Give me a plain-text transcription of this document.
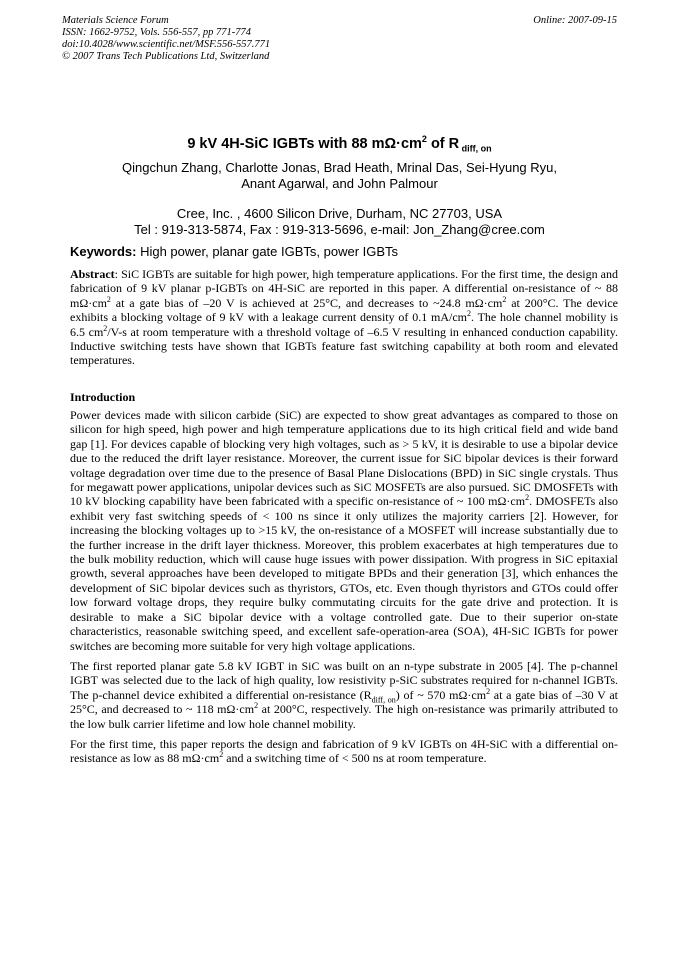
Materials Science Forum
ISSN: 1662-9752, Vols. 556-557, pp 771-774
doi:10.4028/www.scientific.net/MSF.556-557.771
© 2007 Trans Tech Publications Ltd, Switzerland
Online: 2007-09-15
9 kV 4H-SiC IGBTs with 88 $m\Omega\cdot cm^2$ of R $_{diff, on}$
Qingchun Zhang, Charlotte Jonas, Brad Heath, Mrinal Das, Sei-Hyung Ryu,
Anant Agarwal, and John Palmour
Cree, Inc. , 4600 Silicon Drive, Durham, NC 27703, USA
Tel : 919-313-5874, Fax : 919-313-5696, e-mail: Jon_Zhang@cree.com
Keywords: High power, planar gate IGBTs, power IGBTs

Abstract: SiC IGBTs are suitable for high power, high temperature applications. For the first time, the design and fabrication of 9 kV planar p-IGBTs on 4H-SiC are reported in this paper. A differential on-resistance of ~ 88 $m\Omega\cdot cm^2$ at a gate bias of –20 V is achieved at 25°C, and decreases to ~24.8 $m\Omega\cdot cm^2$ at 200°C. The device exhibits a blocking voltage of 9 kV with a leakage current density of 0.1 $mA/cm^2$. The hole channel mobility is 6.5 $cm^2/V-s$ at room temperature with a threshold voltage of –6.5 V resulting in enhanced conduction capability. Inductive switching tests have shown that IGBTs feature fast switching capability at both room and elevated temperatures.

Introduction

Power devices made with silicon carbide (SiC) are expected to show great advantages as compared to those on silicon for high speed, high power and high temperature applications due to its high critical field and wide band gap [1]. For devices capable of blocking very high voltages, such as > 5 kV, it is desirable to use a bipolar device due to the reduced the drift layer resistance. Moreover, the current issue for SiC bipolar devices is their forward voltage degradation over time due to the presence of Basal Plane Dislocations (BPD) in SiC single crystals. Thus for megawatt power applications, unipolar devices such as SiC MOSFETs are also pursued. SiC DMOSFETs with 10 kV blocking capability have been fabricated with a specific on-resistance of ~ 100 $m\Omega\cdot cm^2$. DMOSFETs also exhibit very fast switching speeds of < 100 ns since it only utilizes the majority carriers [2]. However, for increasing the blocking voltages up to >15 kV, the on-resistance of a MOSFET will increase substantially due to the further increase in the drift layer thickness. Moreover, this problem exacerbates at high temperatures due to the bulk mobility reduction, which will cause huge issues with power dissipation. With progress in SiC epitaxial growth, several approaches have been developed to mitigate BPDs and their generation [3], which enhances the development of SiC bipolar devices such as thyristors, GTOs, etc. Even though thyristors and GTOs could offer low forward voltage drops, they require bulky commutating circuits for the gate drive and protection. It is desirable to make a SiC bipolar device with a voltage controlled gate. Due to their superior on-state characteristics, reasonable switching speed, and excellent safe-operation-area (SOA), 4H-SiC IGBTs for power switches are becoming more suitable for very high voltage applications.

The first reported planar gate 5.8 kV IGBT in SiC was built on an n-type substrate in 2005 [4]. The p-channel IGBT was selected due to the lack of high quality, low resistivity p-SiC substrates required for n-channel IGBTs. The p-channel device exhibited a differential on-resistance $(R_{diff, on})$ of ~ 570 $m\Omega\cdot cm^2$ at a gate bias of –30 V at 25°C, and decreased to ~ 118 $m\Omega\cdot cm^2$ at 200°C, respectively. The high on-resistance was primarily attributed to the low bulk carrier lifetime and low hole channel mobility.

For the first time, this paper reports the design and fabrication of 9 kV IGBTs on 4H-SiC with a differential on-resistance as low as 88 $m\Omega\cdot cm^2$ and a switching time of < 500 ns at room temperature.
